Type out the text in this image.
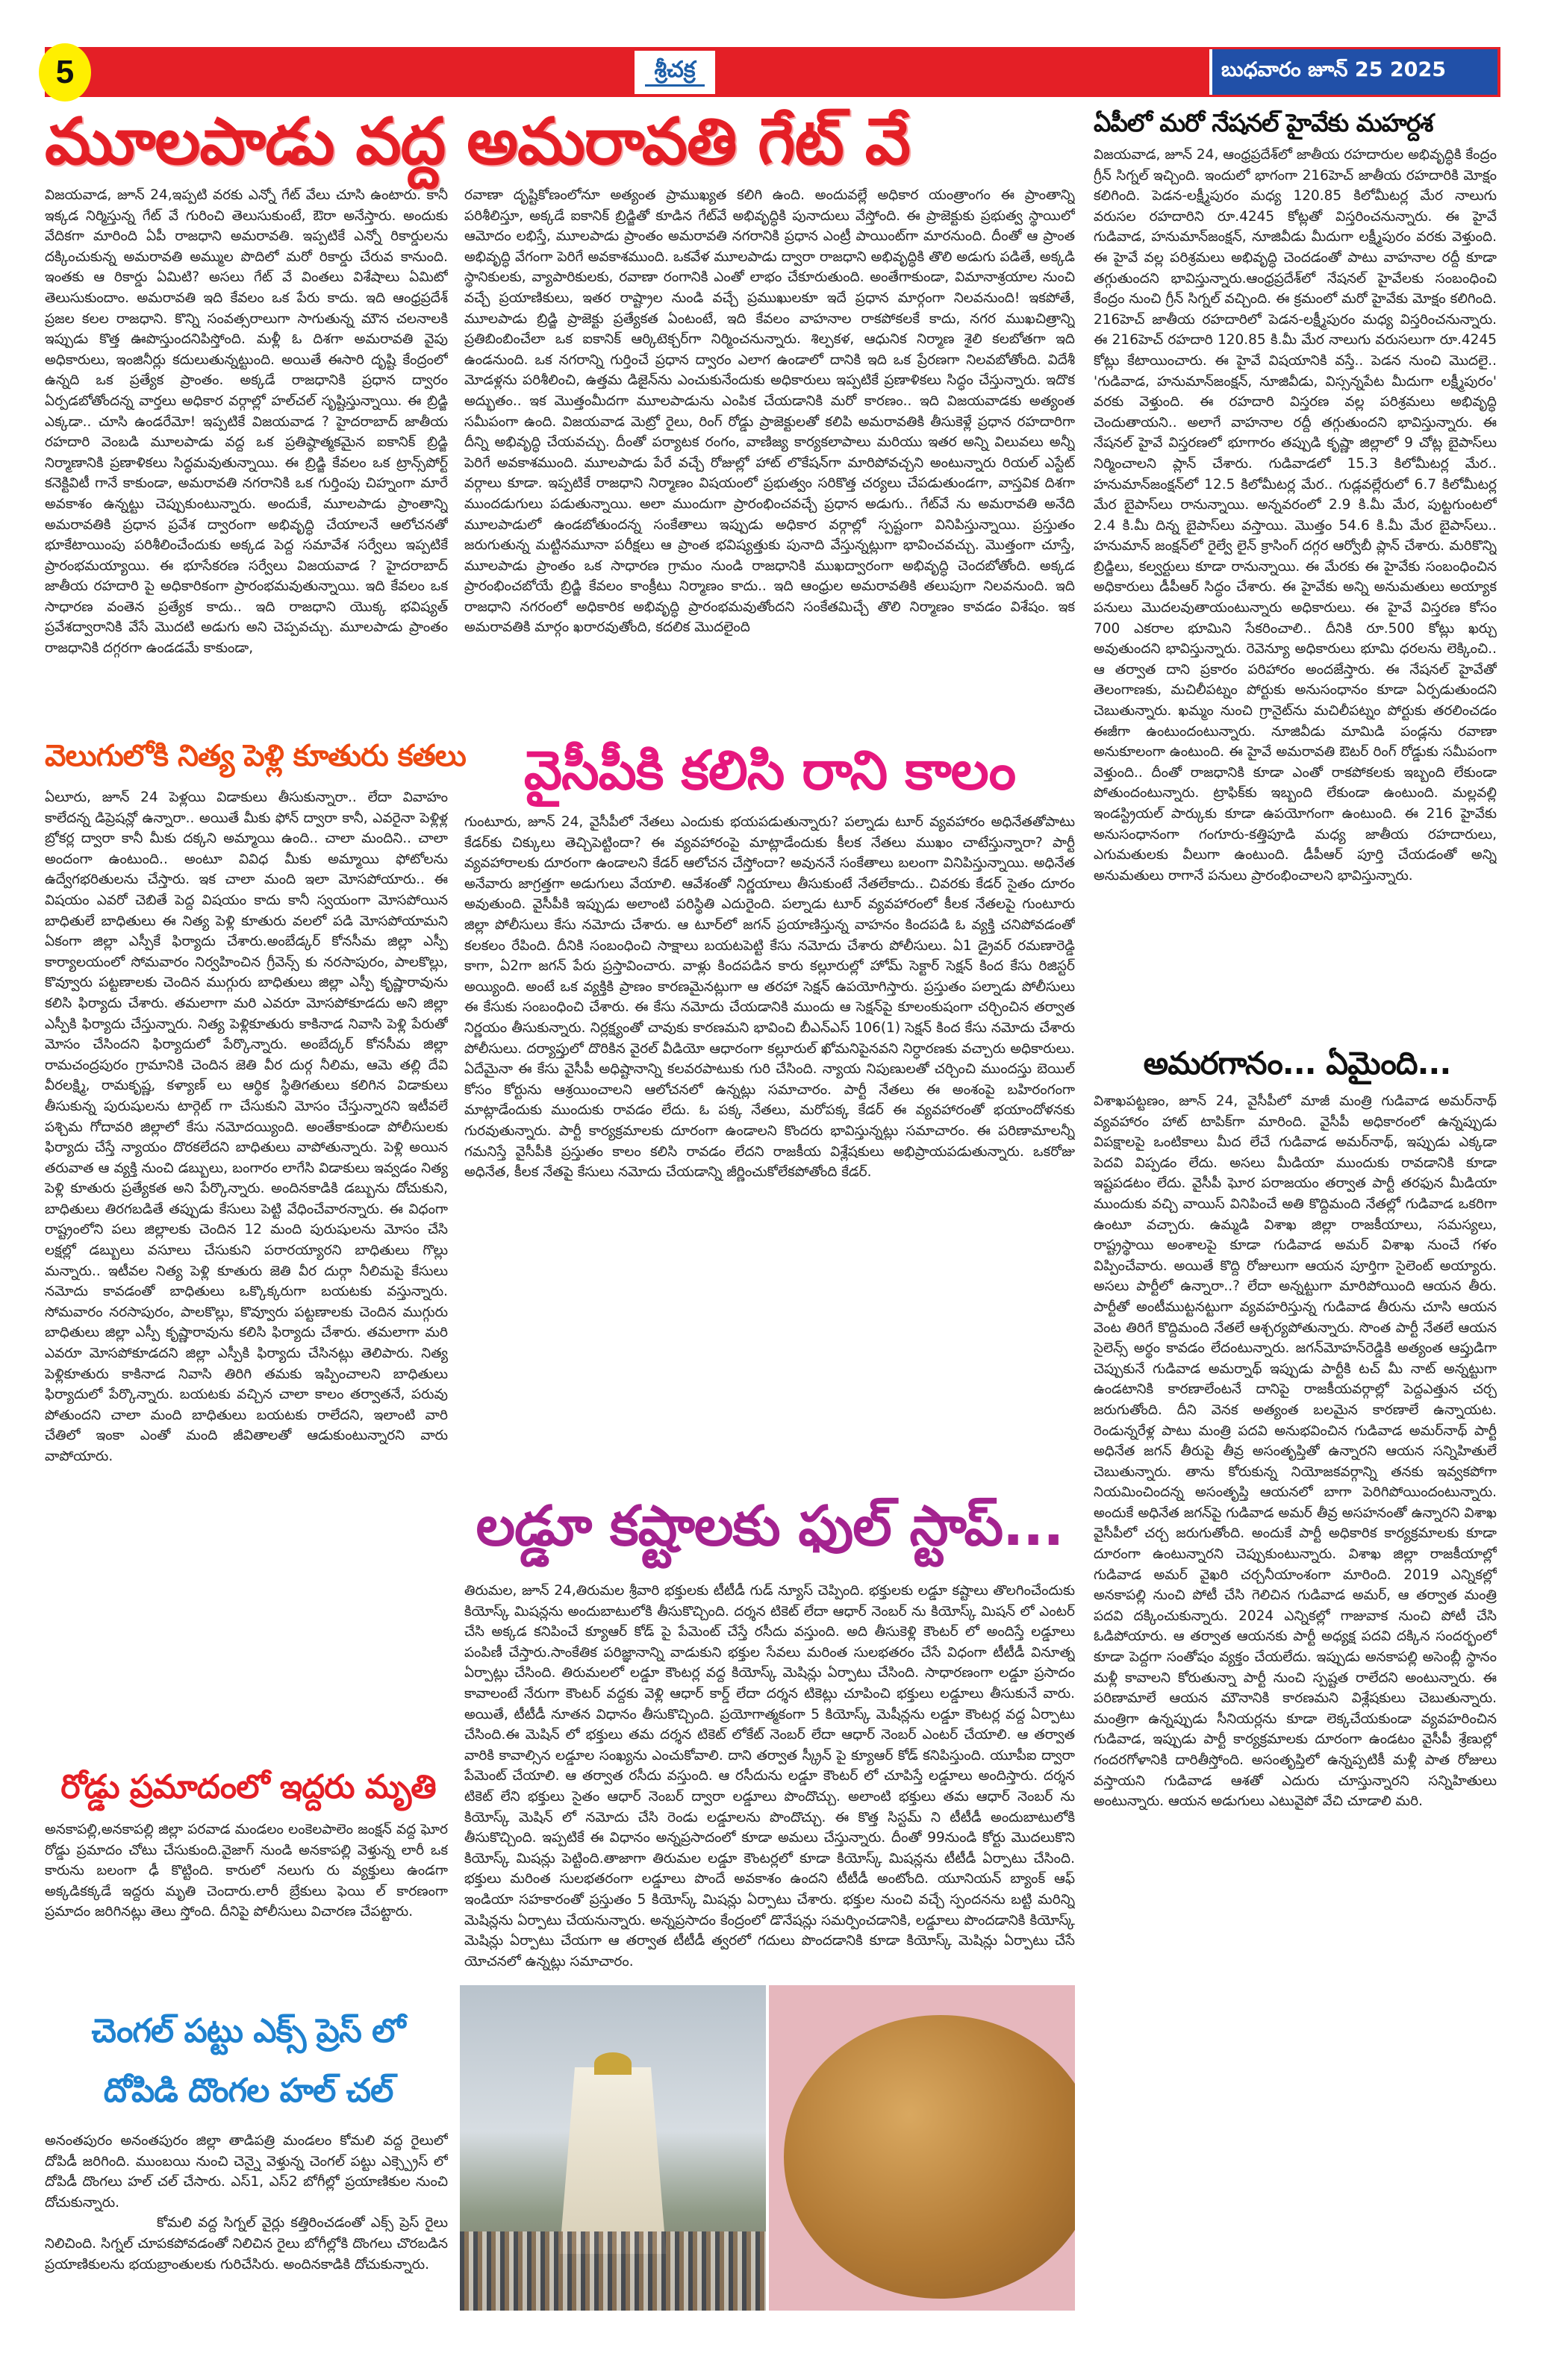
5	శ్రీచక్ర	బుధవారం జూన్ 25 2025
మూలపాడు వద్ద అమరావతి గేట్ వే

విజయవాడ, జూన్ 24,ఇప్పటి వరకు ఎన్నో గేట్ వేలు చూసి ఉంటారు. కానీ ఇక్కడ నిర్మిస్తున్న గేట్ వే గురించి తెలుసుకుంటే, ఔరా అనేస్తారు. అందుకు వేదికగా మారింది ఏపీ రాజధాని అమరావతి. ఇప్పటికే ఎన్నో రికార్డులను దక్కించుకున్న అమరావతి అమ్ముల పొదిలో మరో రికార్డు చేరువ కానుంది. ఇంతకు ఆ రికార్డు ఏమిటి? అసలు గేట్ వే వింతలు విశేషాలు ఏమిటో తెలుసుకుందాం. అమరావతి ఇది కేవలం ఒక పేరు కాదు. ఇది ఆంధ్రప్రదేశ్ ప్రజల కలల రాజధాని. కొన్ని సంవత్సరాలుగా సాగుతున్న మౌన చలనాలకి ఇప్పుడు కొత్త ఊపొస్తుందనిపిస్తోంది. మళ్లీ ఓ దిశగా అమరావతి వైపు అధికారులు, ఇంజినీర్లు కదులుతున్నట్టుంది. అయితే ఈసారి దృష్టి కేంద్రంలో ఉన్నది ఒక ప్రత్యేక ప్రాంతం. అక్కడే రాజధానికి ప్రధాన ద్వారం ఏర్పడబోతోందన్న వార్తలు అధికార వర్గాల్లో హల్‌చల్ సృష్టిస్తున్నాయి. ఈ బ్రిడ్జి ఎక్కడా.. చూసి ఉండరేమో! ఇప్పటికే విజయవాడ ? హైదరాబాద్ జాతీయ రహదారి వెంబడి మూలపాడు వద్ద ఒక ప్రతిష్ఠాత్మకమైన ఐకానిక్ బ్రిడ్జి నిర్మాణానికి ప్రణాళికలు సిద్ధమవుతున్నాయి. ఈ బ్రిడ్జి కేవలం ఒక ట్రాన్స్‌పోర్ట్ కనెక్టివిటీ గానే కాకుండా, అమరావతి నగరానికి ఒక గుర్తింపు చిహ్నంగా మారే అవకాశం ఉన్నట్టు చెప్పుకుంటున్నారు. అందుకే, మూలపాడు ప్రాంతాన్ని అమరావతికి ప్రధాన ప్రవేశ ద్వారంగా అభివృద్ధి చేయాలనే ఆలోచనతో భూకేటాయింపు పరిశీలించేందుకు అక్కడ పెద్ద సమావేశ సర్వేలు ఇప్పటికే ప్రారంభమయ్యాయి. ఈ భూసేకరణ సర్వేలు విజయవాడ ? హైదరాబాద్ జాతీయ రహదారి పై అధికారికంగా ప్రారంభమవుతున్నాయి. ఇది కేవలం ఒక సాధారణ వంతెన ప్రత్యేక కాదు.. ఇది రాజధాని యొక్క భవిష్యత్ ప్రవేశద్వారానికి వేసే మొదటి అడుగు అని చెప్పవచ్చు. మూలపాడు ప్రాంతం రాజధానికి దగ్గరగా ఉండడమే కాకుండా,

రవాణా దృష్టికోణంలోనూ అత్యంత ప్రాముఖ్యత కలిగి ఉంది. అందువల్లే అధికార యంత్రాంగం ఈ ప్రాంతాన్ని పరిశీలిస్తూ, అక్కడే ఐకానిక్ బ్రిడ్జితో కూడిన గేట్‌వే అభివృద్ధికి పునాదులు వేస్తోంది. ఈ ప్రాజెక్టుకు ప్రభుత్వ స్థాయిలో ఆమోదం లభిస్తే, మూలపాడు ప్రాంతం అమరావతి నగరానికి ప్రధాన ఎంట్రీ పాయింట్‌గా మారనుంది. దీంతో ఆ ప్రాంత అభివృద్ధి వేగంగా పెరిగే అవకాశముంది. ఒకవేళ మూలపాడు ద్వారా రాజధాని అభివృద్ధికి తొలి అడుగు పడితే, అక్కడి స్థానికులకు, వ్యాపారికులకు, రవాణా రంగానికి ఎంతో లాభం చేకూరుతుంది. అంతేగాకుండా, విమానాశ్రయాల నుంచి వచ్చే ప్రయాణికులు, ఇతర రాష్ట్రాల నుండి వచ్చే ప్రముఖులకూ ఇదే ప్రధాన మార్గంగా నిలవనుంది! ఇకపోతే, మూలపాడు బ్రిడ్జి ప్రాజెక్టు ప్రత్యేకత ఏంటంటే, ఇది కేవలం వాహనాల రాకపోకలకే కాదు, నగర ముఖచిత్రాన్ని ప్రతిబింబించేలా ఒక ఐకానిక్ ఆర్కిటెక్చర్‌గా నిర్మించనున్నారు. శిల్పకళ, ఆధునిక నిర్మాణ శైలి కలబోతగా ఇది ఉండనుంది. ఒక నగరాన్ని గుర్తించే ప్రధాన ద్వారం ఎలాగ ఉండాలో దానికి ఇది ఒక ప్రేరణగా నిలవబోతోంది. విదేశీ మోడళ్లను పరిశీలించి, ఉత్తమ డిజైన్‌ను ఎంచుకునేందుకు అధికారులు ఇప్పటికే ప్రణాళికలు సిద్ధం చేస్తున్నారు. ఇదొక అద్భుతం.. ఇక మొత్తంమీదగా మూలపాడును ఎంపిక చేయడానికి మరో కారణం.. ఇది విజయవాడకు అత్యంత సమీపంగా ఉంది. విజయవాడ మెట్రో రైలు, రింగ్ రోడ్డు ప్రాజెక్టులతో కలిపి అమరావతికి తీసుకెళ్లే ప్రధాన రహదారిగా దీన్ని అభివృద్ధి చేయవచ్చు. దీంతో పర్యాటక రంగం, వాణిజ్య కార్యకలాపాలు మరియు ఇతర అన్ని విలువలు అన్నీ పెరిగే అవకాశముంది. మూలపాడు పేరే వచ్చే రోజుల్లో హాట్ లొకేషన్‌గా మారిపోవచ్చని అంటున్నారు రియల్ ఎస్టేట్ వర్గాలు కూడా. ఇప్పటికే రాజధాని నిర్మాణం విషయంలో ప్రభుత్వం సరికొత్త చర్యలు చేపడుతుండగా, వాస్తవిక దిశగా ముందడుగులు పడుతున్నాయి. అలా ముందుగా ప్రారంభించవచ్చే ప్రధాన అడుగు.. గేట్‌వే ను అమరావతి అనేది మూలపాడులో ఉండబోతుందన్న సంకేతాలు ఇప్పుడు అధికార వర్గాల్లో స్పష్టంగా వినిపిస్తున్నాయి. ప్రస్తుతం జరుగుతున్న మట్టినమూనా పరీక్షలు ఆ ప్రాంత భవిష్యత్తుకు పునాది వేస్తున్నట్లుగా భావించవచ్చు. మొత్తంగా చూస్తే, మూలపాడు ప్రాంతం ఒక సాధారణ గ్రామం నుండి రాజధానికి ముఖద్వారంగా అభివృద్ధి చెందబోతోంది. అక్కడ ప్రారంభించబోయే బ్రిడ్జి కేవలం కాంక్రీటు నిర్మాణం కాదు.. ఇది ఆంధ్రుల అమరావతికి తలుపుగా నిలవనుంది. ఇది రాజధాని నగరంలో అధికారిక అభివృద్ధి ప్రారంభమవుతోందని సంకేతమిచ్చే తొలి నిర్మాణం కావడం విశేషం. ఇక అమరావతికి మార్గం ఖరారవుతోంది, కదలిక మొదలైంది

వెలుగులోకి నిత్య పెళ్లి కూతురు కతలు

ఏలూరు, జూన్ 24 పెళ్లయి విడాకులు తీసుకున్నారా.. లేదా వివాహం కాలేదన్న డిప్రెషన్లో ఉన్నారా.. అయితే మీకు ఫోన్ ద్వారా కానీ, ఎవరైనా పెళ్లిళ్ల బ్రోకర్ల ద్వారా కానీ మీకు దక్కని అమ్మాయి ఉంది.. చాలా మందిని.. చాలా అందంగా ఉంటుంది.. అంటూ వివిధ మీకు అమ్మాయి ఫోటోలను ఉద్వేగభరితులను చేస్తారు. ఇక చాలా మంది ఇలా మోసపోయారు.. ఈ విషయం ఎవరో చెబితే పెద్ద విషయం కాదు కానీ స్వయంగా మోసపోయిన బాధితులే బాధితులు ఈ నిత్య పెళ్లి కూతురు వలలో పడి మోసపోయామని ఏకంగా జిల్లా ఎస్పీకే ఫిర్యాదు చేశారు.అంబేడ్కర్ కోనసీమ జిల్లా ఎస్పీ కార్యాలయంలో సోమవారం నిర్వహించిన గ్రీవెన్స్ కు నరసాపురం, పాలకొల్లు, కొవ్వూరు పట్టణాలకు చెందిన ముగ్గురు బాధితులు జిల్లా ఎస్పీ కృష్ణారావును కలిసి ఫిర్యాదు చేశారు. తమలాగా మరి ఎవరూ మోసపోకూడదు అని జిల్లా ఎస్పీకి ఫిర్యాదు చేస్తున్నారు. నిత్య పెళ్లికూతురు కాకినాడ నివాసి పెళ్లి పేరుతో మోసం చేసిందని ఫిర్యాదులో పేర్కొన్నారు. అంబేద్కర్ కోనసీమ జిల్లా రామచంద్రపురం గ్రామానికి చెందిన జెతి వీర దుర్గ నీలిమ, ఆమె తల్లి దేవి వీరలక్ష్మి, రామకృష్ణ, కళ్యాణ్ లు ఆర్థిక స్థితిగతులు కలిగిన విడాకులు తీసుకున్న పురుషులను టార్గెట్ గా చేసుకుని మోసం చేస్తున్నారని ఇటీవలే పశ్చిమ గోదావరి జిల్లాలో కేసు నమోదయ్యింది. అంతేకాకుండా పోలీసులకు ఫిర్యాదు చేస్తే న్యాయం దొరకలేదని బాధితులు వాపోతున్నారు. పెళ్లి అయిన తరువాత ఆ వ్యక్తి నుంచి డబ్బులు, బంగారం లాగేసి విడాకులు ఇవ్వడం నిత్య పెళ్లి కూతురు ప్రత్యేకత అని పేర్కొన్నారు. అందినకాడికి డబ్బును దోచుకుని, బాధితులు తిరగబడితే తప్పుడు కేసులు పెట్టి వేధించేవారన్నారు. ఈ విధంగా రాష్ట్రంలోని పలు జిల్లాలకు చెందిన 12 మంది పురుషులను మోసం చేసి లక్షల్లో డబ్బులు వసూలు చేసుకుని పరారయ్యారని బాధితులు గొల్లు మన్నారు.. ఇటీవల నిత్య పెళ్లి కూతురు జెతి వీర దుర్గా నీలిమపై కేసులు నమోదు కావడంతో బాధితులు ఒక్కొక్కరుగా బయటకు వస్తున్నారు. సోమవారం నరసాపురం, పాలకొల్లు, కొవ్వూరు పట్టణాలకు చెందిన ముగ్గురు బాధితులు జిల్లా ఎస్పీ కృష్ణారావును కలిసి ఫిర్యాదు చేశారు. తమలాగా మరి ఎవరూ మోసపోకూడదని జిల్లా ఎస్పీకి ఫిర్యాదు చేసినట్లు తెలిపారు. నిత్య పెళ్లికూతురు కాకినాడ నివాసి తిరిగి తమకు ఇప్పించాలని బాధితులు ఫిర్యాదులో పేర్కొన్నారు. బయటకు వచ్చిన చాలా కాలం తర్వాతనే, పరువు పోతుందని చాలా మంది బాధితులు బయటకు రాలేదని, ఇలాంటి వారి చేతిలో ఇంకా ఎంతో మంది జీవితాలతో ఆడుకుంటున్నారని వారు వాపోయారు.

వైసీపీకి కలిసి రాని కాలం

గుంటూరు, జూన్ 24, వైసీపీలో నేతలు ఎందుకు భయపడుతున్నారు? పల్నాడు టూర్ వ్యవహారం అధినేతతోపాటు కేడర్‌కు చిక్కులు తెచ్చిపెట్టిందా? ఈ వ్యవహారంపై మాట్లాడేందుకు కీలక నేతలు ముఖం చాటేస్తున్నారా? పార్టీ వ్యవహారాలకు దూరంగా ఉండాలని కేడర్ ఆలోచన చేస్తోందా? అవుననే సంకేతాలు బలంగా వినిపిస్తున్నాయి. అధినేత అనేవారు జాగ్రత్తగా అడుగులు వేయాలి. ఆవేశంతో నిర్ణయాలు తీసుకుంటే నేతలేకాదు.. చివరకు కేడర్ సైతం దూరం అవుతుంది. వైసీపీకి ఇప్పుడు అలాంటి పరిస్థితి ఎదురైంది. పల్నాడు టూర్ వ్యవహారంలో కీలక నేతలపై గుంటూరు జిల్లా పోలీసులు కేసు నమోదు చేశారు. ఆ టూర్‌లో జగన్ ప్రయాణిస్తున్న వాహనం కిందపడి ఓ వ్యక్తి చనిపోవడంతో కలకలం రేపింది. దీనికి సంబంధించి సాక్షాలు బయటపెట్టి కేసు నమోదు చేశారు పోలీసులు. ఏ1 డ్రైవర్ రమణారెడ్డి కాగా, ఏ2గా జగన్ పేరు ప్రస్తావించారు. వాళ్లు కిందపడిన కారు కల్లూరుల్లో హోమ్ సెక్టార్ సెక్షన్ కింద కేసు రిజిస్టర్ అయ్యింది. అంటే ఒక వ్యక్తికి ప్రాణం కారణమైనట్లుగా ఆ తరహా సెక్షన్ ఉపయోగిస్తారు. ప్రస్తుతం పల్నాడు పోలీసులు ఈ కేసుకు సంబంధించి చేశారు. ఈ కేసు నమోదు చేయడానికి ముందు ఆ సెక్షన్‌పై కూలంకుషంగా చర్చించిన తర్వాత నిర్ణయం తీసుకున్నారు. నిర్లక్ష్యంతో చావుకు కారణమని భావించి బీఎన్ఎస్ 106(1) సెక్షన్ కింద కేసు నమోదు చేశారు పోలీసులు. దర్యాప్తులో దొరికిన వైరల్ వీడియో ఆధారంగా కల్లూరుల్ ఖోమనిపైనవని నిర్ధారణకు వచ్చారు అధికారులు. ఏదేమైనా ఈ కేసు వైసీపీ అధిష్టానాన్ని కలవరపాటుకు గురి చేసింది. న్యాయ నిపుణులతో చర్చించి ముందస్తు బెయిల్ కోసం కోర్టును ఆశ్రయించాలని ఆలోచనలో ఉన్నట్లు సమాచారం. పార్టీ నేతలు ఈ అంశంపై బహిరంగంగా మాట్లాడేందుకు ముందుకు రావడం లేదు. ఓ పక్క నేతలు, మరోపక్క కేడర్ ఈ వ్యవహారంతో భయాందోళనకు గురవుతున్నారు. పార్టీ కార్యక్రమాలకు దూరంగా ఉండాలని కొందరు భావిస్తున్నట్లు సమాచారం. ఈ పరిణామాలన్నీ గమనిస్తే వైసీపీకి ప్రస్తుతం కాలం కలిసి రావడం లేదని రాజకీయ విశ్లేషకులు అభిప్రాయపడుతున్నారు. ఒకరోజు అధినేత, కీలక నేతపై కేసులు నమోదు చేయడాన్ని జీర్ణించుకోలేకపోతోంది కేడర్.

లడ్డూ కష్టాలకు ఫుల్ స్టాప్...

తిరుమల, జూన్ 24,తిరుమల శ్రీవారి భక్తులకు టీటీడీ గుడ్ న్యూస్ చెప్పింది. భక్తులకు లడ్డూ కష్టాలు తొలగించేందుకు కియోస్క్ మిషన్లను అందుబాటులోకి తీసుకొచ్చింది. దర్శన టికెట్ లేదా ఆధార్ నెంబర్ ను కియోస్క్ మిషన్ లో ఎంటర్ చేసి అక్కడ కనిపించే క్యూఆర్ కోడ్ పై పేమెంట్ చేస్తే రసీదు వస్తుంది. అది తీసుకెళ్లి కౌంటర్ లో అందిస్తే లడ్డూలు పంపిణీ చేస్తారు.సాంకేతిక పరిజ్ఞానాన్ని వాడుకుని భక్తుల సేవలు మరింత సులభతరం చేసే విధంగా టీటీడీ వినూత్న ఏర్పాట్లు చేసింది. తిరుమలలో లడ్డూ కౌంటర్ల వద్ద కియోస్క్ మెషిన్లు ఏర్పాటు చేసింది. సాధారణంగా లడ్డూ ప్రసాదం కావాలంటే నేరుగా కౌంటర్ వద్దకు వెళ్లి ఆధార్ కార్డ్ లేదా దర్శన టికెట్లు చూపించి భక్తులు లడ్డూలు తీసుకునే వారు. అయితే, టీటీడీ నూతన విధానం తీసుకొచ్చింది. ప్రయోగాత్మకంగా 5 కియోస్క్ మెషీన్లను లడ్డూ కౌంటర్ల వద్ద ఏర్పాటు చేసింది.ఈ మెషిన్ లో భక్తులు తమ దర్శన టికెట్ లోకేట్ నెంబర్ లేదా ఆధార్ నెంబర్ ఎంటర్ చేయాలి. ఆ తర్వాత వారికి కావాల్సిన లడ్డూల సంఖ్యను ఎంచుకోవాలి. దాని తర్వాత స్క్రీన్ పై క్యూఆర్ కోడ్ కనిపిస్తుంది. యూపీఐ ద్వారా పేమెంట్ చేయాలి. ఆ తర్వాత రసీదు వస్తుంది. ఆ రసీదును లడ్డూ కౌంటర్ లో చూపిస్తే లడ్డూలు అందిస్తారు. దర్శన టికెట్ లేని భక్తులు సైతం ఆధార్ నెంబర్ ద్వారా లడ్డూలు పొందొచ్చు. అలాంటి భక్తులు తమ ఆధార్ నెంబర్ ను కియోస్క్ మెషిన్ లో నమోదు చేసి రెండు లడ్డూలను పొందొచ్చు. ఈ కొత్త సిస్టమ్ ని టీటీడీ అందుబాటులోకి తీసుకొచ్చింది. ఇప్పటికే ఈ విధానం అన్నప్రసాదంలో కూడా అమలు చేస్తున్నారు. దీంతో 99నుండి కోర్టు మొదలుకొని కియోస్క్ మిషన్లు పెట్టింది.తాజాగా తిరుమల లడ్డూ కౌంటర్లలో కూడా కియోస్క్ మిషన్లను టీటీడీ ఏర్పాటు చేసింది. భక్తులు మరింత సులభతరంగా లడ్డూలు పొందే అవకాశం ఉందని టీటీడీ అంటోంది. యూనియన్ బ్యాంక్ ఆఫ్ ఇండియా సహకారంతో ప్రస్తుతం 5 కియోస్క్ మిషన్లు ఏర్పాటు చేశారు. భక్తుల నుంచి వచ్చే స్పందనను బట్టి మరిన్ని మెషిన్లను ఏర్పాటు చేయనున్నారు. అన్నప్రసాదం కేంద్రంలో డొనేషన్లు సమర్పించడానికి, లడ్డూలు పొందడానికి కియోస్క్ మెషిన్లు ఏర్పాటు చేయగా ఆ తర్వాత టీటీడీ త్వరలో గదులు పొందడానికి కూడా కియోస్క్ మెషిన్లు ఏర్పాటు చేసే యోచనలో ఉన్నట్లు సమాచారం.

రోడ్డు ప్రమాదంలో ఇద్దరు మృతి

అనకాపల్లి,అనకాపల్లి జిల్లా పరవాడ మండలం లంకెలపాలెం జంక్షన్ వద్ద ఘోర రోడ్డు ప్రమాదం చోటు చేసుకుంది.వైజాగ్ నుండి అనకాపల్లి వెళ్తున్న లారీ ఒక కారును బలంగా ఢీ కొట్టింది. కారులో నలుగు రు వ్యక్తులు ఉండగా అక్కడికక్కడే ఇద్దరు మృతి చెందారు.లారీ బ్రేకులు ఫెయి ల్ కారణంగా ప్రమాదం జరిగినట్లు తెలు స్తోంది. దీనిపై పోలీసులు విచారణ చేపట్టారు.

చెంగల్ పట్టు ఎక్స్ ప్రెస్ లో
దోపిడి దొంగల హల్ చల్

అనంతపురం అనంతపురం జిల్లా తాడిపత్రి మండలం కోమలి వద్ద రైలులో దోపిడీ జరిగింది. ముంబయి నుంచి చెన్నై వెళ్తున్న చెంగల్ పట్టు ఎక్స్ప్రెస్ లో దోపిడీ దొంగలు హల్ చల్ చేసారు. ఎస్1, ఎస్2 బోగీల్లో ప్రయాణికుల నుంచి దోచుకున్నారు.

కోమలి వద్ద సిగ్నల్ వైర్లు కత్తిరించడంతో ఎక్స్ ప్రెస్ రైలు నిలిచింది. సిగ్నల్ చూపకపోవడంతో నిలిచిన రైలు బోగీల్లోకి దొంగలు చొరబడిన ప్రయాణికులను భయబ్రాంతులకు గురిచేసిరు. అందినకాడికి దోచుకున్నారు.

ఏపీలో మరో నేషనల్ హైవేకు మహర్దశ

విజయవాడ, జూన్ 24, ఆంధ్రప్రదేశ్‌లో జాతీయ రహదారుల అభివృద్ధికి కేంద్రం గ్రీన్ సిగ్నల్ ఇచ్చింది. ఇందులో భాగంగా 216హెచ్ జాతీయ రహదారికి మోక్షం కలిగింది. పెడన-లక్ష్మీపురం మధ్య 120.85 కిలోమీటర్ల మేర నాలుగు వరుసల రహదారిని రూ.4245 కోట్లతో విస్తరించనున్నారు. ఈ హైవే గుడివాడ, హనుమాన్‌జంక్షన్, నూజివీడు మీదుగా లక్ష్మీపురం వరకు వెళ్తుంది. ఈ హైవే వల్ల పరిశ్రమలు అభివృద్ధి చెందడంతో పాటు వాహనాల రద్దీ కూడా తగ్గుతుందని భావిస్తున్నారు.ఆంధ్రప్రదేశ్‌లో నేషనల్ హైవేలకు సంబంధించి కేంద్రం నుంచి గ్రీన్ సిగ్నల్ వచ్చింది. ఈ క్రమంలో మరో హైవేకు మోక్షం కలిగింది. 216హెచ్ జాతీయ రహదారిలో పెడన-లక్ష్మీపురం మధ్య విస్తరించనున్నారు. ఈ 216హెచ్ రహదారి 120.85 కి.మీ మేర నాలుగు వరుసలుగా రూ.4245 కోట్లు కేటాయించారు. ఈ హైవే విషయానికి వస్తే.. పెడన నుంచి మొదలై.. 'గుడివాడ, హనుమాన్‌జంక్షన్, నూజివీడు, విస్సన్నపేట మీదుగా లక్ష్మీపురం' వరకు వెళ్తుంది. ఈ రహదారి విస్తరణ వల్ల పరిశ్రమలు అభివృద్ధి చెందుతాయని.. అలాగే వాహనాల రద్దీ తగ్గుతుందని భావిస్తున్నారు. ఈ నేషనల్ హైవే విస్తరణలో భూగారం తప్పుడి కృష్ణా జిల్లాలో 9 చోట్ల బైపాస్‌లు నిర్మించాలని ప్లాన్ చేశారు. గుడివాడలో 15.3 కిలోమీటర్ల మేర.. హనుమాన్‌జంక్షన్‌లో 12.5 కిలోమీటర్ల మేర.. గుడ్లవల్లేరులో 6.7 కిలోమీటర్ల మేర బైపాస్‌లు రానున్నాయి. అన్నవరంలో 2.9 కి.మీ మేర, పుట్టగుంటలో 2.4 కి.మీ దిన్న బైపాస్‌లు వస్తాయి. మొత్తం 54.6 కి.మీ మేర బైపాస్‌లు.. హనుమాన్ జంక్షన్‌లో రైల్వే లైన్ క్రాసింగ్ దగ్గర ఆర్వోబీ ప్లాన్ చేశారు. మరికొన్ని బ్రిడ్జిలు, కల్వర్టులు కూడా రానున్నాయి. ఈ మేరకు ఈ హైవేకు సంబంధించిన అధికారులు డీపీఆర్ సిద్ధం చేశారు. ఈ హైవేకు అన్ని అనుమతులు అయ్యాక పనులు మొదలవుతాయంటున్నారు అధికారులు. ఈ హైవే విస్తరణ కోసం 700 ఎకరాల భూమిని సేకరించాలి.. దీనికి రూ.500 కోట్లు ఖర్చు అవుతుందని భావిస్తున్నారు. రెవెన్యూ అధికారులు భూమి ధరలను లెక్కించి.. ఆ తర్వాత దాని ప్రకారం పరిహారం అందజేస్తారు. ఈ నేషనల్ హైవేతో తెలంగాణకు, మచిలీపట్నం పోర్టుకు అనుసంధానం కూడా ఏర్పడుతుందని చెబుతున్నారు. ఖమ్మం నుంచి గ్రానైట్‌ను మచిలీపట్నం పోర్టుకు తరలించడం ఈజీగా ఉంటుందంటున్నారు. నూజివీడు మామిడి పండ్లను రవాణా అనుకూలంగా ఉంటుంది. ఈ హైవే అమరావతి ఔటర్ రింగ్ రోడ్డుకు సమీపంగా వెళ్తుంది.. దీంతో రాజధానికి కూడా ఎంతో రాకపోకలకు ఇబ్బంది లేకుండా పోతుందంటున్నారు. ట్రాఫిక్‌కు ఇబ్బంది లేకుండా ఉంటుంది. మల్లవల్లి ఇండస్ట్రియల్ పార్కుకు కూడా ఉపయోగంగా ఉంటుంది. ఈ 216 హైవే‌కు అనుసంధానంగా గంగూరు-కత్తిపూడి మధ్య జాతీయ రహదారులు, ఎగుమతులకు వీలుగా ఉంటుంది. డీపీఆర్ పూర్తి చేయడంతో అన్ని అనుమతులు రాగానే పనులు ప్రారంభించాలని భావిస్తున్నారు.

అమరగానం... ఏమైంది...

విశాఖపట్టణం, జూన్ 24, వైసీపీలో మాజీ మంత్రి గుడివాడ అమర్‌నాథ్ వ్యవహారం హాట్ టాపిక్‌గా మారింది. వైసీపీ అధికారంలో ఉన్నప్పుడు విపక్షాలపై ఒంటికాలు మీద లేచే గుడివాడ అమర్‌నాథ్, ఇప్పుడు ఎక్కడా పెదవి విప్పడం లేదు. అసలు మీడియా ముందుకు రావడానికి కూడా ఇష్టపడటం లేదు. వైసీపీ ఘోర పరాజయం తర్వాత పార్టీ తరఫున మీడియా ముందుకు వచ్చి వాయిస్ వినిపించే అతి కొద్దిమంది నేతల్లో గుడివాడ ఒకరిగా ఉంటూ వచ్చారు. ఉమ్మడి విశాఖ జిల్లా రాజకీయాలు, సమస్యలు, రాష్ట్రస్థాయి అంశాలపై కూడా గుడివాడ అమర్ విశాఖ నుంచే గళం విప్పించేవారు. అయితే కొద్ది రోజులుగా ఆయన పూర్తిగా సైలెంట్ అయ్యారు. అసలు పార్టీలో ఉన్నారా..? లేదా అన్నట్టుగా మారిపోయింది ఆయన తీరు. పార్టీతో అంటీముట్టనట్టుగా వ్యవహరిస్తున్న గుడివాడ తీరును చూసి ఆయన వెంట తిరిగే కొద్దిమంది నేతలే ఆశ్చర్యపోతున్నారు. సొంత పార్టీ నేతలే ఆయన సైలెన్స్ అర్థం కావడం లేదంటున్నారు. జగన్‌మోహన్‌రెడ్డికి అత్యంత ఆప్తుడిగా చెప్పుకునే గుడివాడ అమర్నాథ్ ఇప్పుడు పార్టీకి టచ్ మీ నాట్ అన్నట్టుగా ఉండటానికి కారణాలేంటనే దానిపై రాజకీయవర్గాల్లో పెద్దఎత్తున చర్చ జరుగుతోంది. దీని వెనక అత్యంత బలమైన కారణాలే ఉన్నాయట. రెండున్నరేళ్ల పాటు మంత్రి పదవి అనుభవించిన గుడివాడ అమర్‌నాథ్ పార్టీ అధినేత జగన్ తీరుపై తీవ్ర అసంతృప్తితో ఉన్నారని ఆయన సన్నిహితులే చెబుతున్నారు. తాను కోరుకున్న నియోజకవర్గాన్ని తనకు ఇవ్వకపోగా నియమించిందన్న అసంతృప్తి ఆయనలో బాగా పెరిగిపోయిందంటున్నారు. అందుకే అధినేత జగన్‌పై గుడివాడ అమర్ తీవ్ర అసహనంతో ఉన్నారని విశాఖ వైసీపీలో చర్చ జరుగుతోంది. అందుకే పార్టీ అధికారిక కార్యక్రమాలకు కూడా దూరంగా ఉంటున్నారని చెప్పుకుంటున్నారు. విశాఖ జిల్లా రాజకీయాల్లో గుడివాడ అమర్ వైఖరి చర్చనీయాంశంగా మారింది. 2019 ఎన్నికల్లో అనకాపల్లి నుంచి పోటీ చేసి గెలిచిన గుడివాడ అమర్, ఆ తర్వాత మంత్రి పదవి దక్కించుకున్నారు. 2024 ఎన్నికల్లో గాజువాక నుంచి పోటీ చేసి ఓడిపోయారు. ఆ తర్వాత ఆయనకు పార్టీ అధ్యక్ష పదవి దక్కిన సందర్భంలో కూడా పెద్దగా సంతోషం వ్యక్తం చేయలేదు. ఇప్పుడు అనకాపల్లి అసెంబ్లీ స్థానం మళ్లీ కావాలని కోరుతున్నా పార్టీ నుంచి స్పష్టత రాలేదని అంటున్నారు. ఈ పరిణామాలే ఆయన మౌనానికి కారణమని విశ్లేషకులు చెబుతున్నారు. మంత్రిగా ఉన్నప్పుడు సీనియర్లను కూడా లెక్కచేయకుండా వ్యవహరించిన గుడివాడ, ఇప్పుడు పార్టీ కార్యక్రమాలకు దూరంగా ఉండటం వైసీపీ శ్రేణుల్లో గందరగోళానికి దారితీస్తోంది. అసంతృప్తిలో ఉన్నప్పటికీ మళ్లీ పాత రోజులు వస్తాయని గుడివాడ ఆశతో ఎదురు చూస్తున్నారని సన్నిహితులు అంటున్నారు. ఆయన అడుగులు ఎటువైపో వేచి చూడాలి మరి.
